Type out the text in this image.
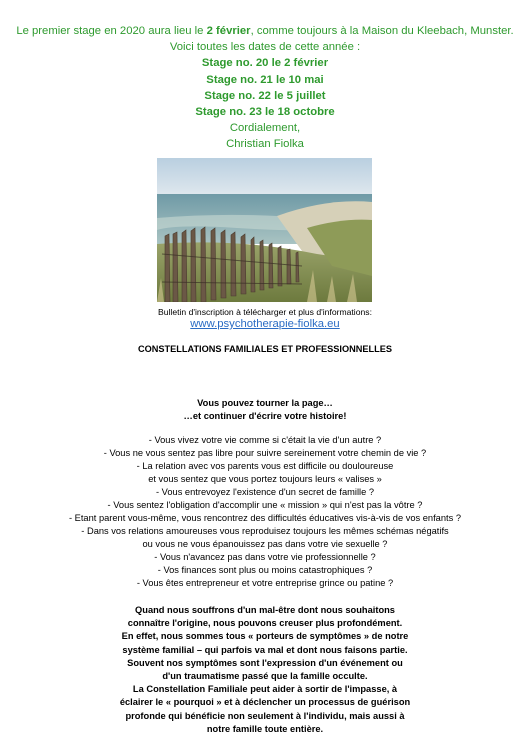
Le premier stage en 2020 aura lieu le 2 février, comme toujours à la Maison du Kleebach, Munster.

Voici toutes les dates de cette année :

Stage no. 20 le 2 février

Stage no. 21 le 10 mai

Stage no. 22 le 5 juillet

Stage no. 23 le 18 octobre

Cordialement,

Christian Fiolka

Bulletin d'inscription à télécharger et plus d'informations:
www.psychotherapie-fiolka.eu
CONSTELLATIONS FAMILIALES ET PROFESSIONNELLES

Vous pouvez tourner la page…

…et continuer d'écrire votre histoire!

- Vous vivez votre vie comme si c'était la vie d'un autre ?

- Vous ne vous sentez pas libre pour suivre sereinement votre chemin de vie ?

- La relation avec vos parents vous est difficile ou douloureuse

et vous sentez que vous portez toujours leurs « valises »

- Vous entrevoyez l'existence d'un secret de famille ?

- Vous sentez l'obligation d'accomplir une « mission » qui n'est pas la vôtre ?

- Etant parent vous-même, vous rencontrez des difficultés éducatives vis-à-vis de vos enfants ?

- Dans vos relations amoureuses vous reproduisez toujours les mêmes schémas négatifs

ou vous ne vous épanouissez pas dans votre vie sexuelle ?

- Vous n'avancez pas dans votre vie professionnelle ?

- Vos finances sont plus ou moins catastrophiques ?

- Vous êtes entrepreneur et votre entreprise grince ou patine ?

Quand nous souffrons d'un mal-être dont nous souhaitons

connaître l'origine, nous pouvons creuser plus profondément.

En effet, nous sommes tous « porteurs de symptômes » de notre

système familial – qui parfois va mal et dont nous faisons partie.

Souvent nos symptômes sont l'expression d'un événement ou

d'un traumatisme passé que la famille occulte.

La Constellation Familiale peut aider à sortir de l'impasse, à

éclairer le « pourquoi » et à déclencher un processus de guérison

profonde qui bénéficie non seulement à l'individu, mais aussi à

notre famille toute entière.
